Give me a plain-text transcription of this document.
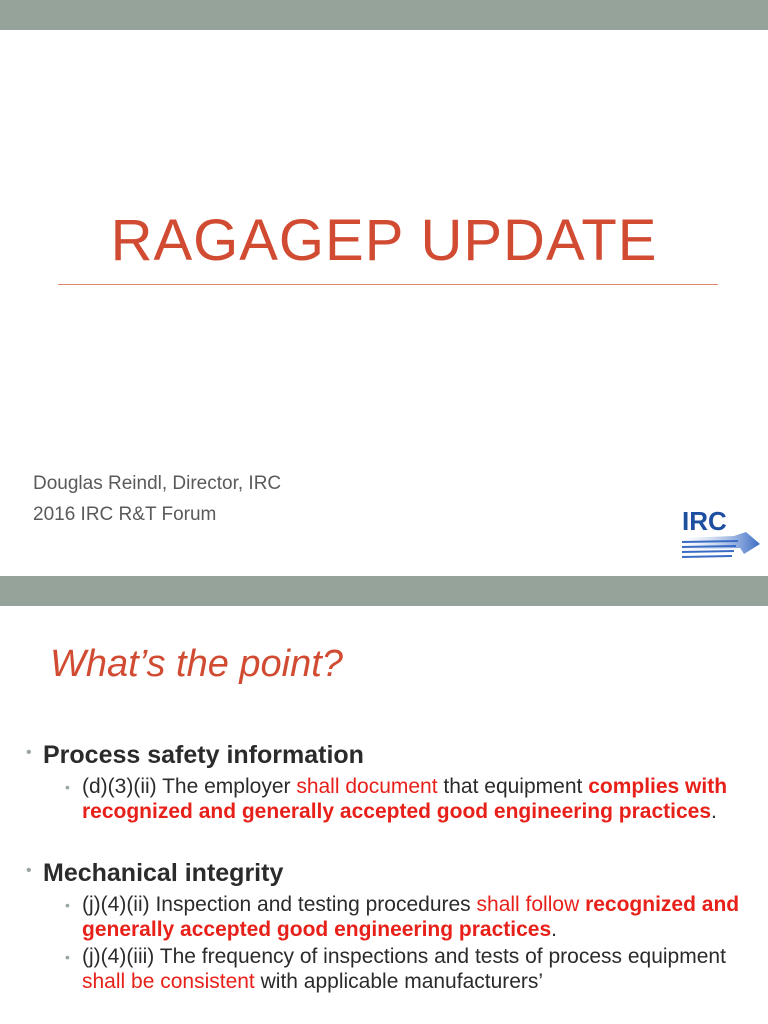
RAGAGEP UPDATE
Douglas Reindl, Director, IRC
2016 IRC R&T Forum	IRC
What’s the point?
• Process safety information
• (d)(3)(ii) The employer shall document that equipment complies with recognized and generally accepted good engineering practices.
• Mechanical integrity
• (j)(4)(ii) Inspection and testing procedures shall follow recognized and generally accepted good engineering practices.
• (j)(4)(iii) The frequency of inspections and tests of process equipment shall be consistent with applicable manufacturers’
